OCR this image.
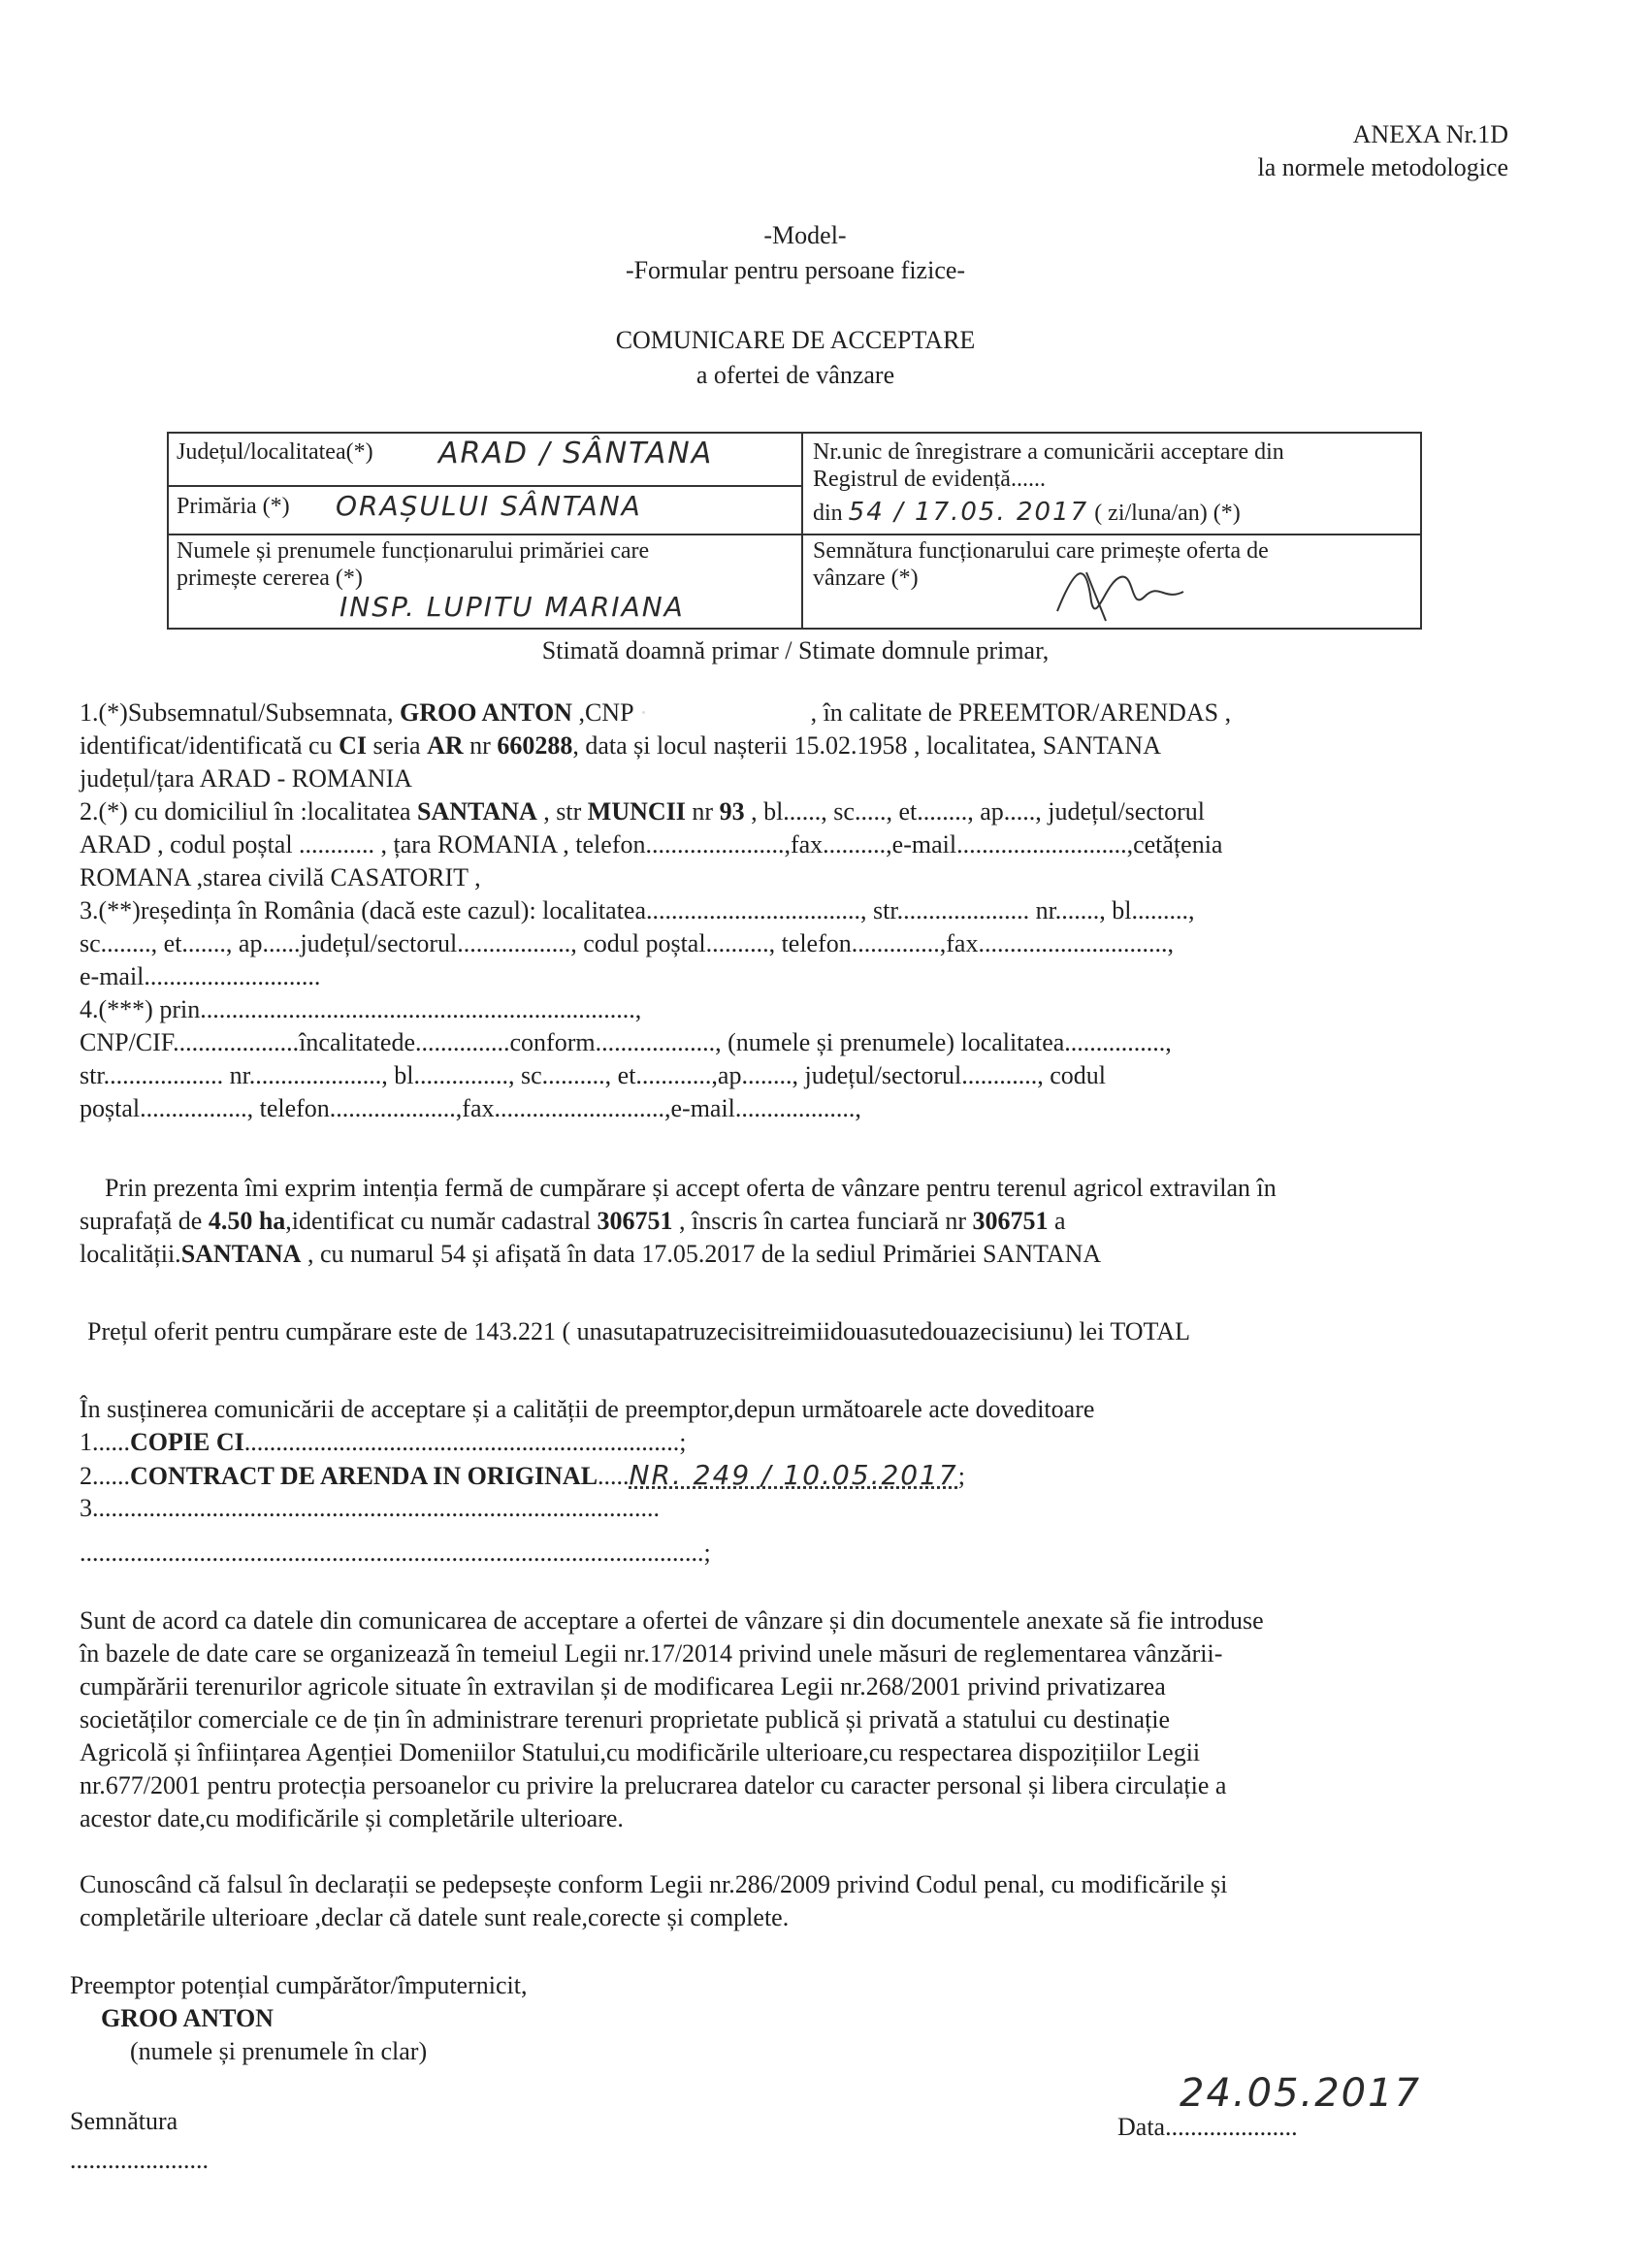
ANEXA Nr.1D
la normele metodologice
-Model-
-Formular pentru persoane fizice-
COMUNICARE DE ACCEPTARE
a ofertei de vânzare
Județul/localitatea(*) ARAD / SÂNTANA
Primăria (*) ORAȘULUI SÂNTANA
Numele și prenumele funcționarului primăriei care
primește cererea (*)
INSP. LUPITU MARIANA
Nr.unic de înregistrare a comunicării acceptare din
Registrul de evidență......
din 54 / 17.05. 2017 ( zi/luna/an) (*)
Semnătura funcționarului care primește oferta de
vânzare (*)
Stimată doamnă primar / Stimate domnule primar,
1.(*)Subsemnatul/Subsemnata, GROO ANTON ,CNP ·	, în calitate de PREEMTOR/ARENDAS ,
identificat/identificată cu CI seria AR nr 660288, data și locul nașterii 15.02.1958 , localitatea, SANTANA
județul/țara ARAD - ROMANIA
2.(*) cu domiciliul în :localitatea SANTANA , str MUNCII nr 93 , bl......, sc....., et........, ap....., județul/sectorul
ARAD , codul poștal ............ , țara ROMANIA , telefon......................,fax..........,e-mail...........................,cetățenia
ROMANA ,starea civilă CASATORIT ,
3.(**)reședința în România (dacă este cazul): localitatea.................................., str..................... nr......., bl.........,
sc........, et......., ap......județul/sectorul.................., codul poștal.........., telefon..............,fax..............................,
e-mail............................
4.(***) prin.....................................................................,
CNP/CIF....................încalitatede...............conform..................., (numele și prenumele) localitatea................,
str................... nr....................., bl..............., sc.........., et............,ap........, județul/sectorul............, codul
poștal................., telefon....................,fax...........................,e-mail...................,
Prin prezenta îmi exprim intenția fermă de cumpărare și accept oferta de vânzare pentru terenul agricol extravilan în
suprafață de 4.50 ha,identificat cu număr cadastral 306751 , înscris în cartea funciară nr 306751 a
localității.SANTANA , cu numarul 54 și afișată în data 17.05.2017 de la sediul Primăriei SANTANA
Prețul oferit pentru cumpărare este de 143.221 ( unasutapatruzecisitreimiidouasutedouazecisiunu) lei TOTAL
În susținerea comunicării de acceptare și a calității de preemptor,depun următoarele acte doveditoare
1......COPIE CI.....................................................................;
2......CONTRACT DE ARENDA IN ORIGINAL.....NR. 249 / 10.05.2017;
3..........................................................................................
...................................................................................................;
Sunt de acord ca datele din comunicarea de acceptare a ofertei de vânzare și din documentele anexate să fie introduse
în bazele de date care se organizează în temeiul Legii nr.17/2014 privind unele măsuri de reglementarea vânzării-
cumpărării terenurilor agricole situate în extravilan și de modificarea Legii nr.268/2001 privind privatizarea
societăților comerciale ce de țin în administrare terenuri proprietate publică și privată a statului cu destinație
Agricolă și înființarea Agenției Domeniilor Statului,cu modificările ulterioare,cu respectarea dispozițiilor Legii
nr.677/2001 pentru protecția persoanelor cu privire la prelucrarea datelor cu caracter personal și libera circulație a
acestor date,cu modificările și completările ulterioare.
Cunoscând că falsul în declarații se pedepsește conform Legii nr.286/2009 privind Codul penal, cu modificările și
completările ulterioare ,declar că datele sunt reale,corecte și complete.
Preemptor potențial cumpărător/împuternicit,
GROO ANTON
(numele și prenumele în clar)
Semnătura
......................
Data.....................
24.05.2017
